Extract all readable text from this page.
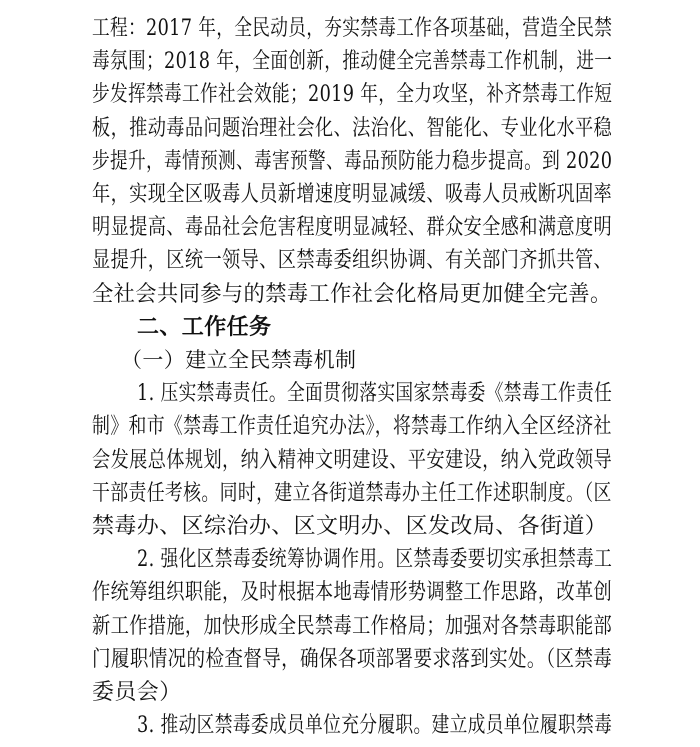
工程：2017 年，全民动员，夯实禁毒工作各项基础，营造全民禁
毒氛围；2018 年，全面创新，推动健全完善禁毒工作机制，进一
步发挥禁毒工作社会效能；2019 年，全力攻坚，补齐禁毒工作短
板，推动毒品问题治理社会化、法治化、智能化、专业化水平稳
步提升，毒情预测、毒害预警、毒品预防能力稳步提高。到 2020
年，实现全区吸毒人员新增速度明显减缓、吸毒人员戒断巩固率
明显提高、毒品社会危害程度明显减轻、群众安全感和满意度明
显提升，区统一领导、区禁毒委组织协调、有关部门齐抓共管、
全社会共同参与的禁毒工作社会化格局更加健全完善。
二、工作任务
（一）建立全民禁毒机制
1. 压实禁毒责任。全面贯彻落实国家禁毒委《禁毒工作责任
制》和市《禁毒工作责任追究办法》，将禁毒工作纳入全区经济社
会发展总体规划，纳入精神文明建设、平安建设，纳入党政领导
干部责任考核。同时，建立各街道禁毒办主任工作述职制度。（区
禁毒办、区综治办、区文明办、区发改局、各街道）
2. 强化区禁毒委统筹协调作用。区禁毒委要切实承担禁毒工
作统筹组织职能，及时根据本地毒情形势调整工作思路，改革创
新工作措施，加快形成全民禁毒工作格局；加强对各禁毒职能部
门履职情况的检查督导，确保各项部署要求落到实处。（区禁毒
委员会）
3. 推动区禁毒委成员单位充分履职。建立成员单位履职禁毒
